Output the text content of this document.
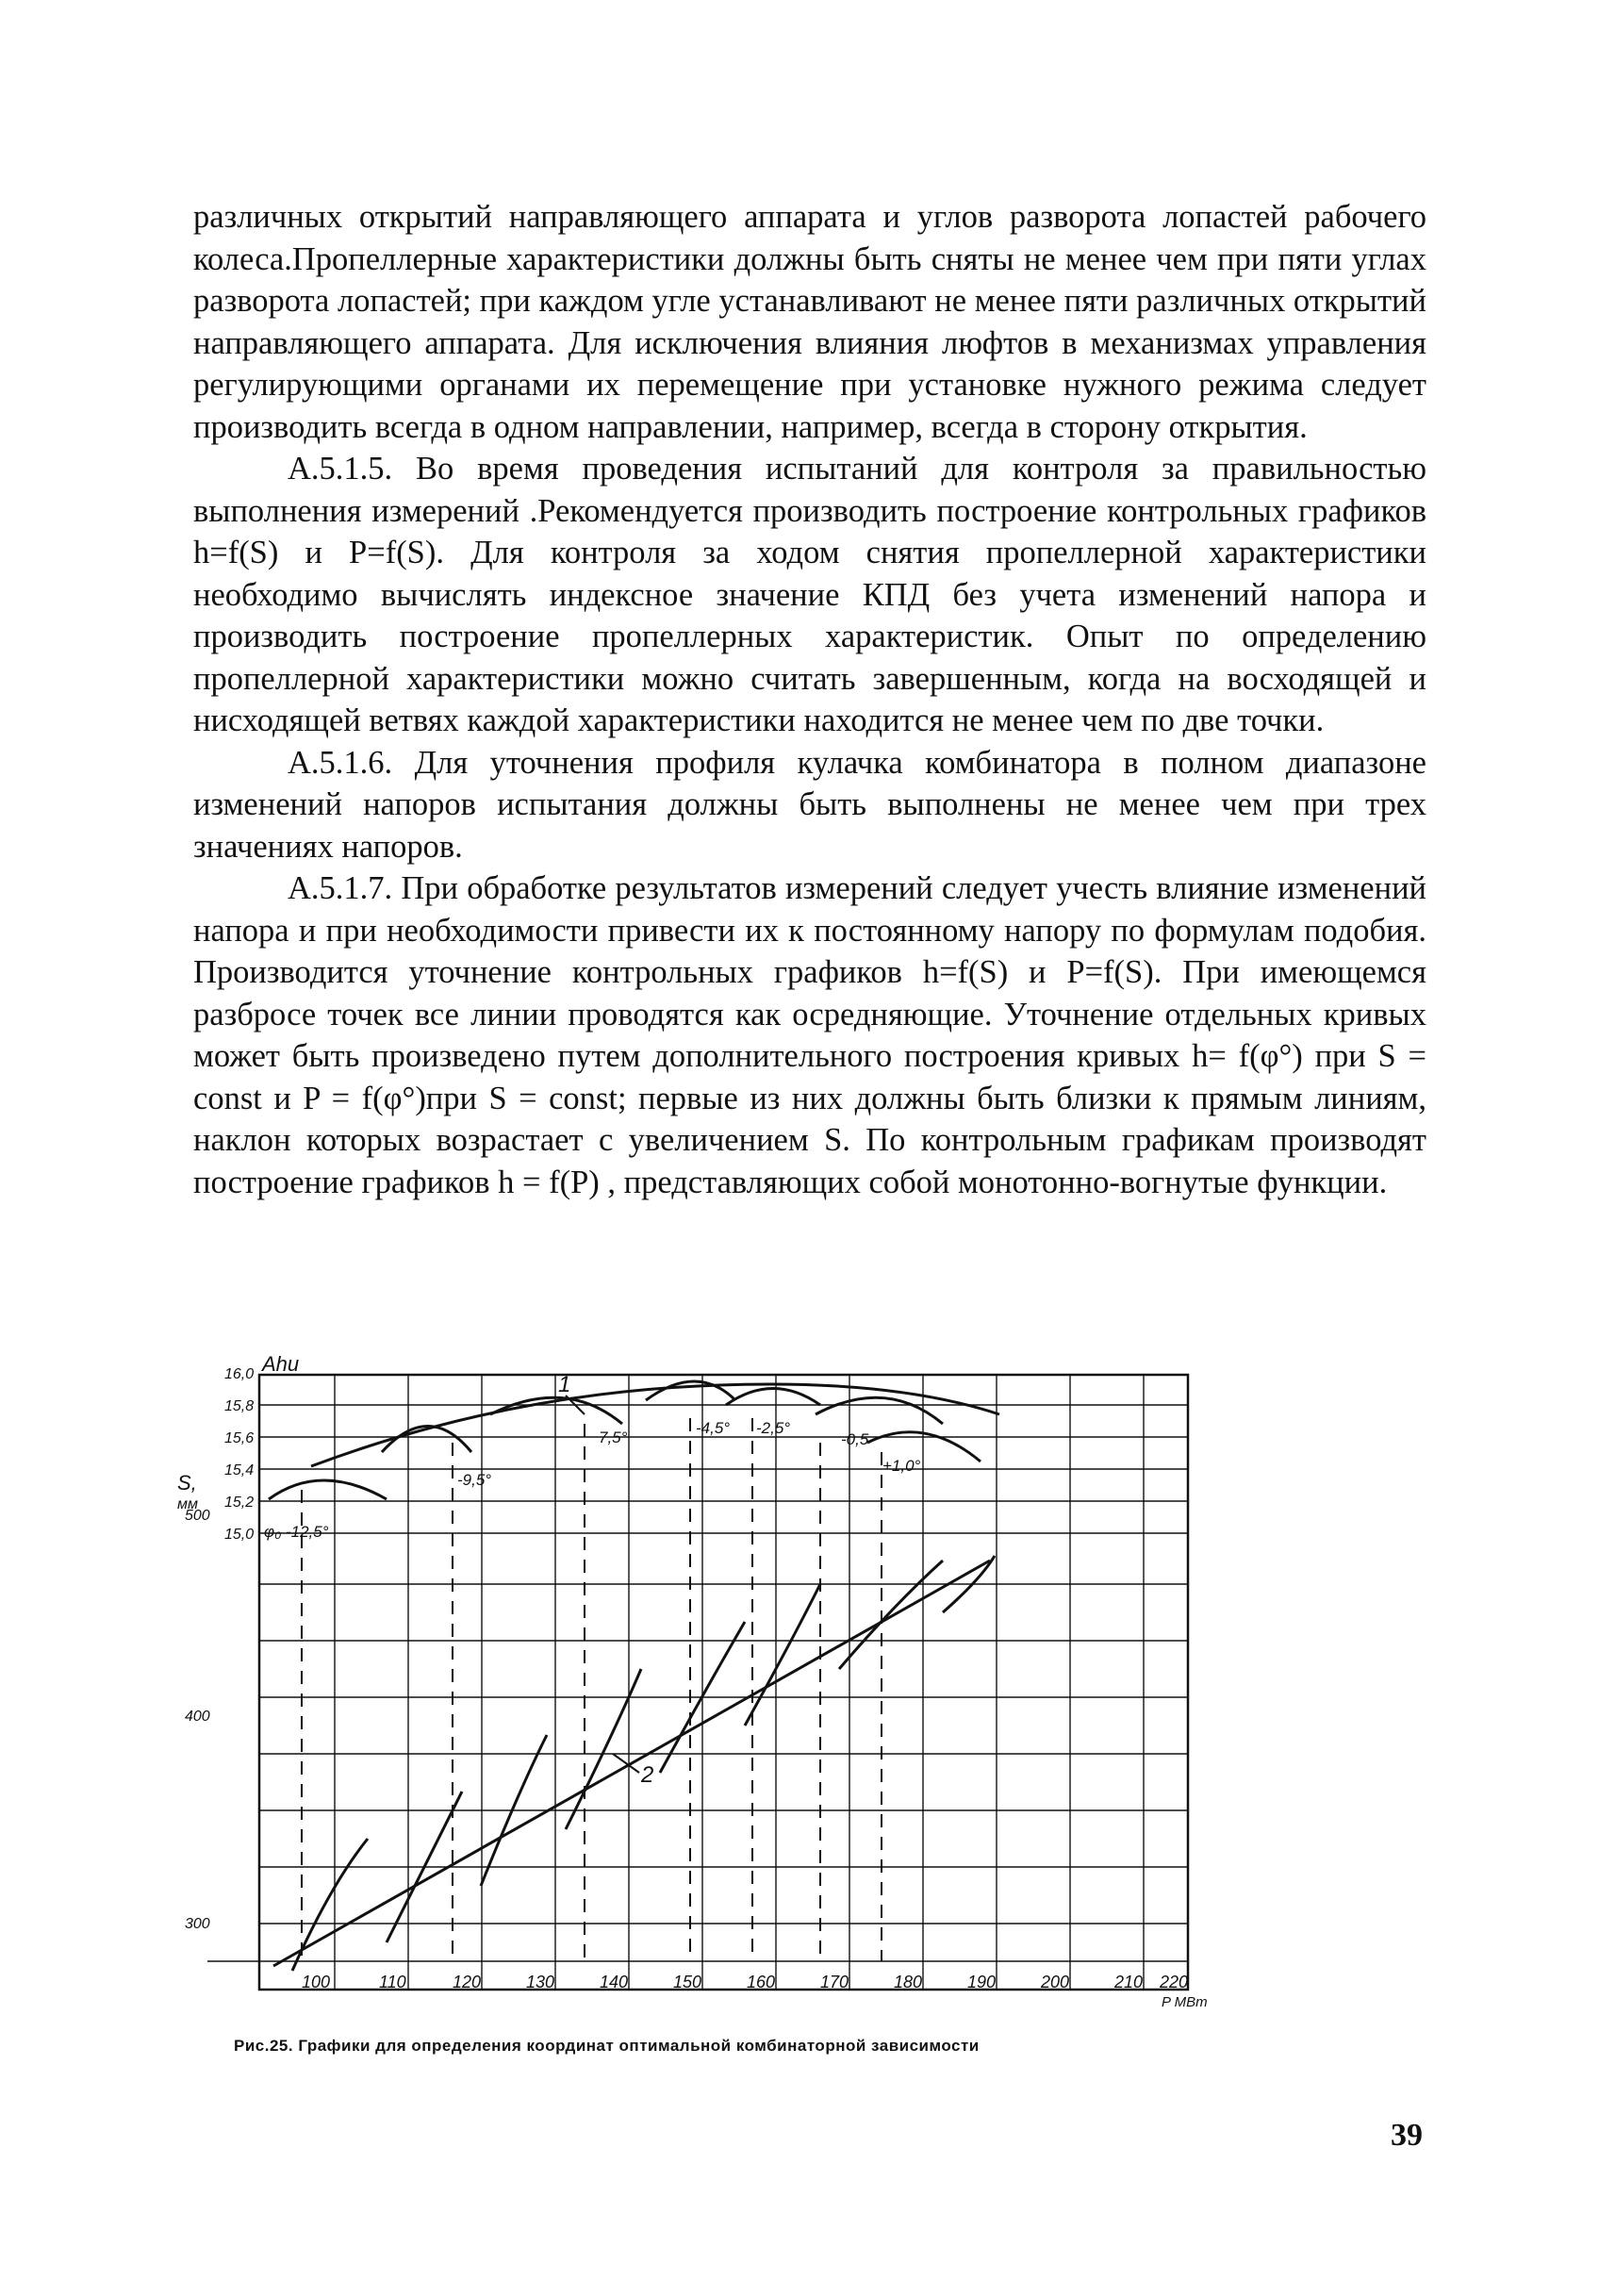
различных открытий направляющего аппарата и углов разворота лопастей рабочего колеса.Пропеллерные характеристики должны быть сняты не менее чем при пяти углах разворота лопастей; при каждом угле устанавливают не менее пяти различных открытий направляющего аппарата. Для исключения влияния люфтов в механизмах управления регулирующими органами их перемещение при установке нужного режима следует производить всегда в одном направлении, например, всегда в сторону открытия.

А.5.1.5. Во время проведения испытаний для контроля за правильностью выполнения измерений .Рекомендуется производить построение контрольных графиков h=f(S) и P=f(S). Для контроля за ходом снятия пропеллерной характеристики необходимо вычислять индексное значение КПД без учета изменений напора и производить построение пропеллерных характеристик. Опыт по определению пропеллерной характеристики можно считать завершенным, когда на восходящей и нисходящей ветвях каждой характеристики находится не менее чем по две точки.

А.5.1.6. Для уточнения профиля кулачка комбинатора в полном диапазоне изменений напоров испытания должны быть выполнены не менее чем при трех значениях напоров.

А.5.1.7. При обработке результатов измерений следует учесть влияние изменений напора и при необходимости привести их к постоянному напору по формулам подобия. Производится уточнение контрольных графиков h=f(S) и P=f(S). При имеющемся разбросе точек все линии проводятся как осредняющие. Уточнение отдельных кривых может быть произведено путем дополнительного построения кривых h= f(φ°) при S = const и P = f(φ°)при S = const; первые из них должны быть близки к прямым линиям, наклон которых возрастает с увеличением S. По контрольным графикам производят построение графиков h = f(P) , представляющих собой монотонно-вогнутые функции.

Ahu
S,
мм
16,0
15,8
15,6
15,4
15,2
15,0
500
400
300
100	110	120	130	140	150	160	170	180	190	200	210 220
P МВт
1
2
φ₀ -12,5°
-9,5°
7,5°
-4,5° -2,5°
-0,5
+1,0°
Рис.25. Графики для определения координат оптимальной комбинаторной зависимости
39
